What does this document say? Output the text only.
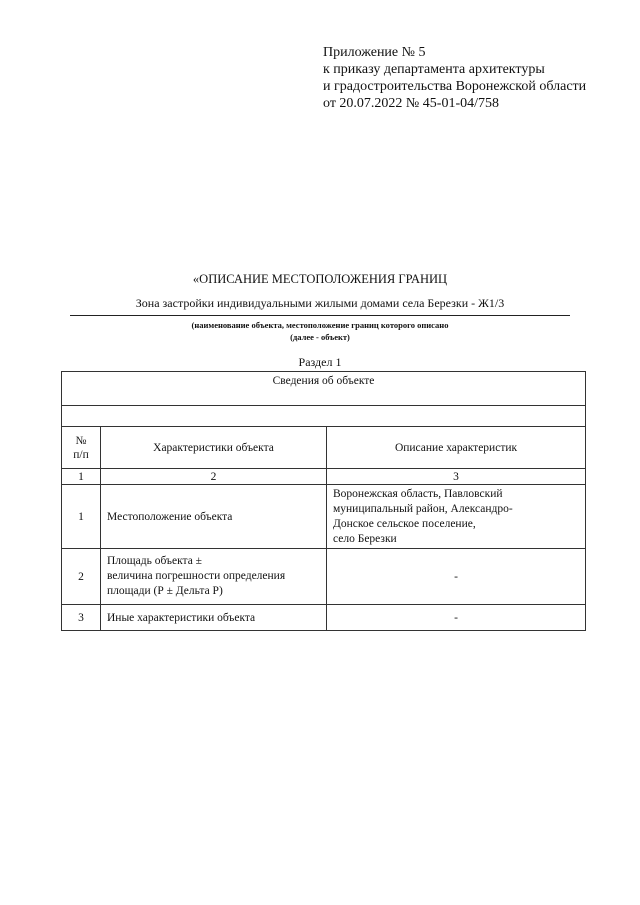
Приложение № 5
к приказу департамента архитектуры
и градостроительства Воронежской области
от 20.07.2022 № 45-01-04/758
«ОПИСАНИЕ МЕСТОПОЛОЖЕНИЯ ГРАНИЦ
Зона застройки индивидуальными жилыми домами села Березки - Ж1/3
(наименование объекта, местоположение границ которого описано
(далее - объект)
Раздел 1
Сведения об объекте		

№
п/п	Характеристики объекта	Описание характеристик
1	2	3
1	Местоположение объекта	Воронежская область, Павловский
муниципальный район, Александро-
Донское сельское поселение,
село Березки
2	Площадь объекта ±
величина погрешности определения
площади (Р ± Дельта Р)	-
3	Иные характеристики объекта	-
